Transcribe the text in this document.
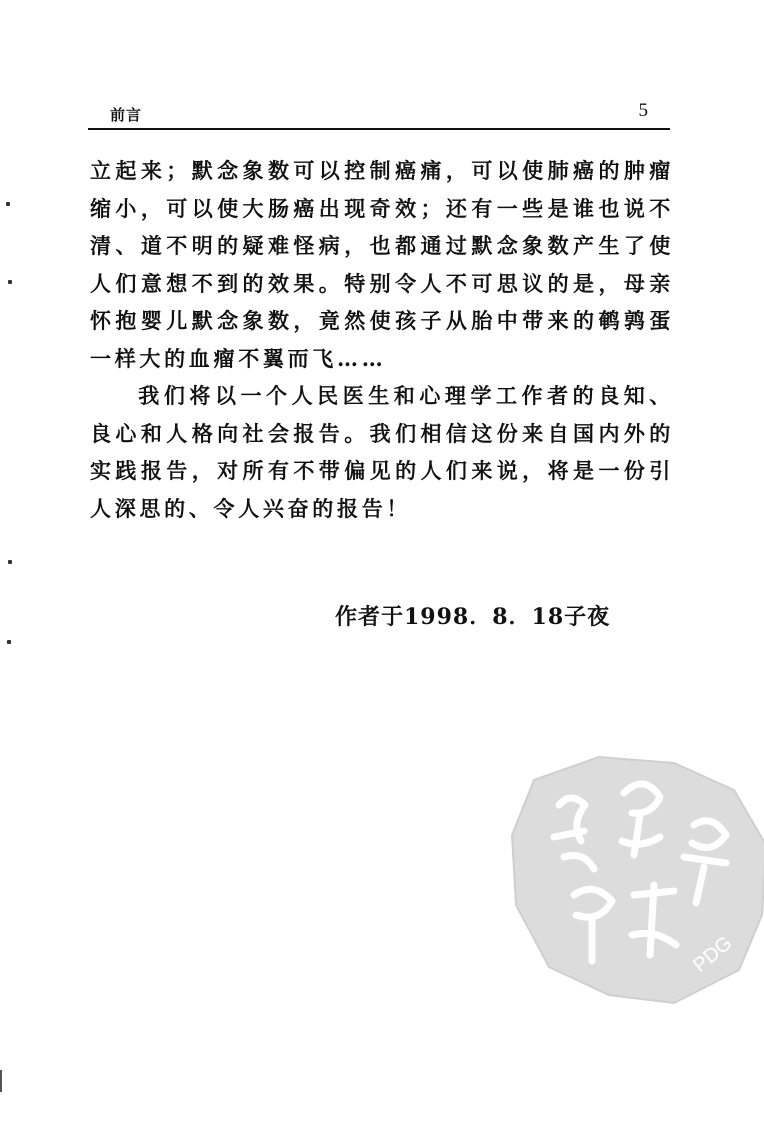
前言	5

立起来；默念象数可以控制癌痛，可以使肺癌的肿瘤缩小，可以使大肠癌出现奇效；还有一些是谁也说不清、道不明的疑难怪病，也都通过默念象数产生了使人们意想不到的效果。特别令人不可思议的是，母亲怀抱婴儿默念象数，竟然使孩子从胎中带来的鹌鹑蛋一样大的血瘤不翼而飞……

我们将以一个人民医生和心理学工作者的良知、良心和人格向社会报告。我们相信这份来自国内外的实践报告，对所有不带偏见的人们来说，将是一份引人深思的、令人兴奋的报告！

作者于1998．8．18子夜
PDG
